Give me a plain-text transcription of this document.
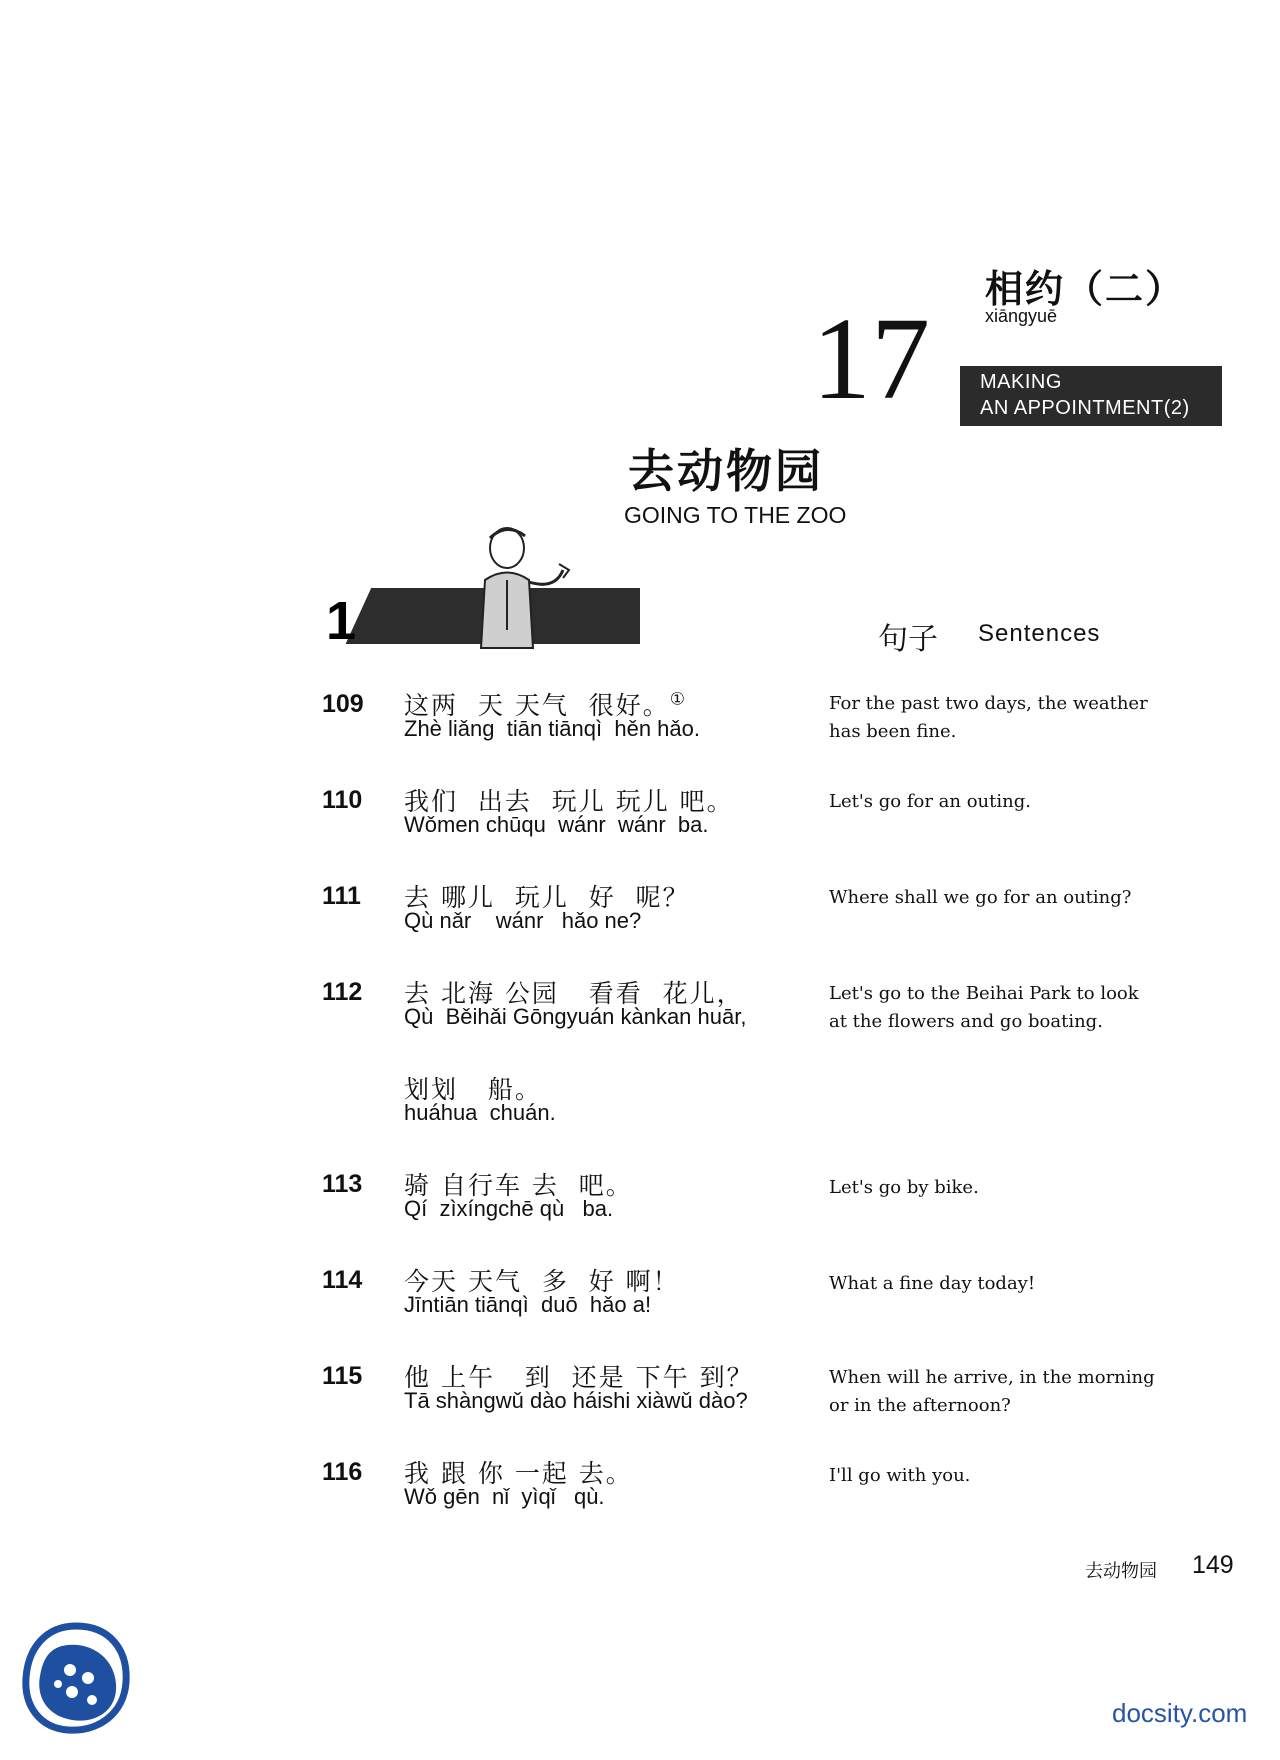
相约（二）
xiāngyuē
17	MAKING
AN APPOINTMENT(2)
去动物园
GOING TO THE ZOO
1	句子 Sentences
109 这两  天 天气  很好。①
Zhè liǎng  tiān tiānqì  hěn hǎo.
For the past two days, the weather has been fine.
110 我们  出去  玩儿 玩儿 吧。
Wǒmen chūqu  wánr  wánr  ba.
Let's go for an outing.
111 去 哪儿  玩儿  好  呢？
Qù nǎr    wánr   hǎo ne?
Where shall we go for an outing?
112 去 北海 公园   看看  花儿，
Qù  Běihǎi Gōngyuán kànkan huār,
划划   船。
huáhua  chuán.
Let's go to the Beihai Park to look at the flowers and go boating.
113 骑 自行车 去  吧。
Qí  zìxíngchē qù   ba.
Let's go by bike.
114 今天 天气  多  好 啊！
Jīntiān tiānqì  duō  hǎo a!
What a fine day today!
115 他 上午   到  还是 下午 到？
Tā shàngwǔ dào háishi xiàwǔ dào?
When will he arrive, in the morning or in the afternoon?
116 我 跟 你 一起 去。
Wǒ gēn  nǐ  yìqǐ   qù.
I'll go with you.
去动物园 149
docsity.com
